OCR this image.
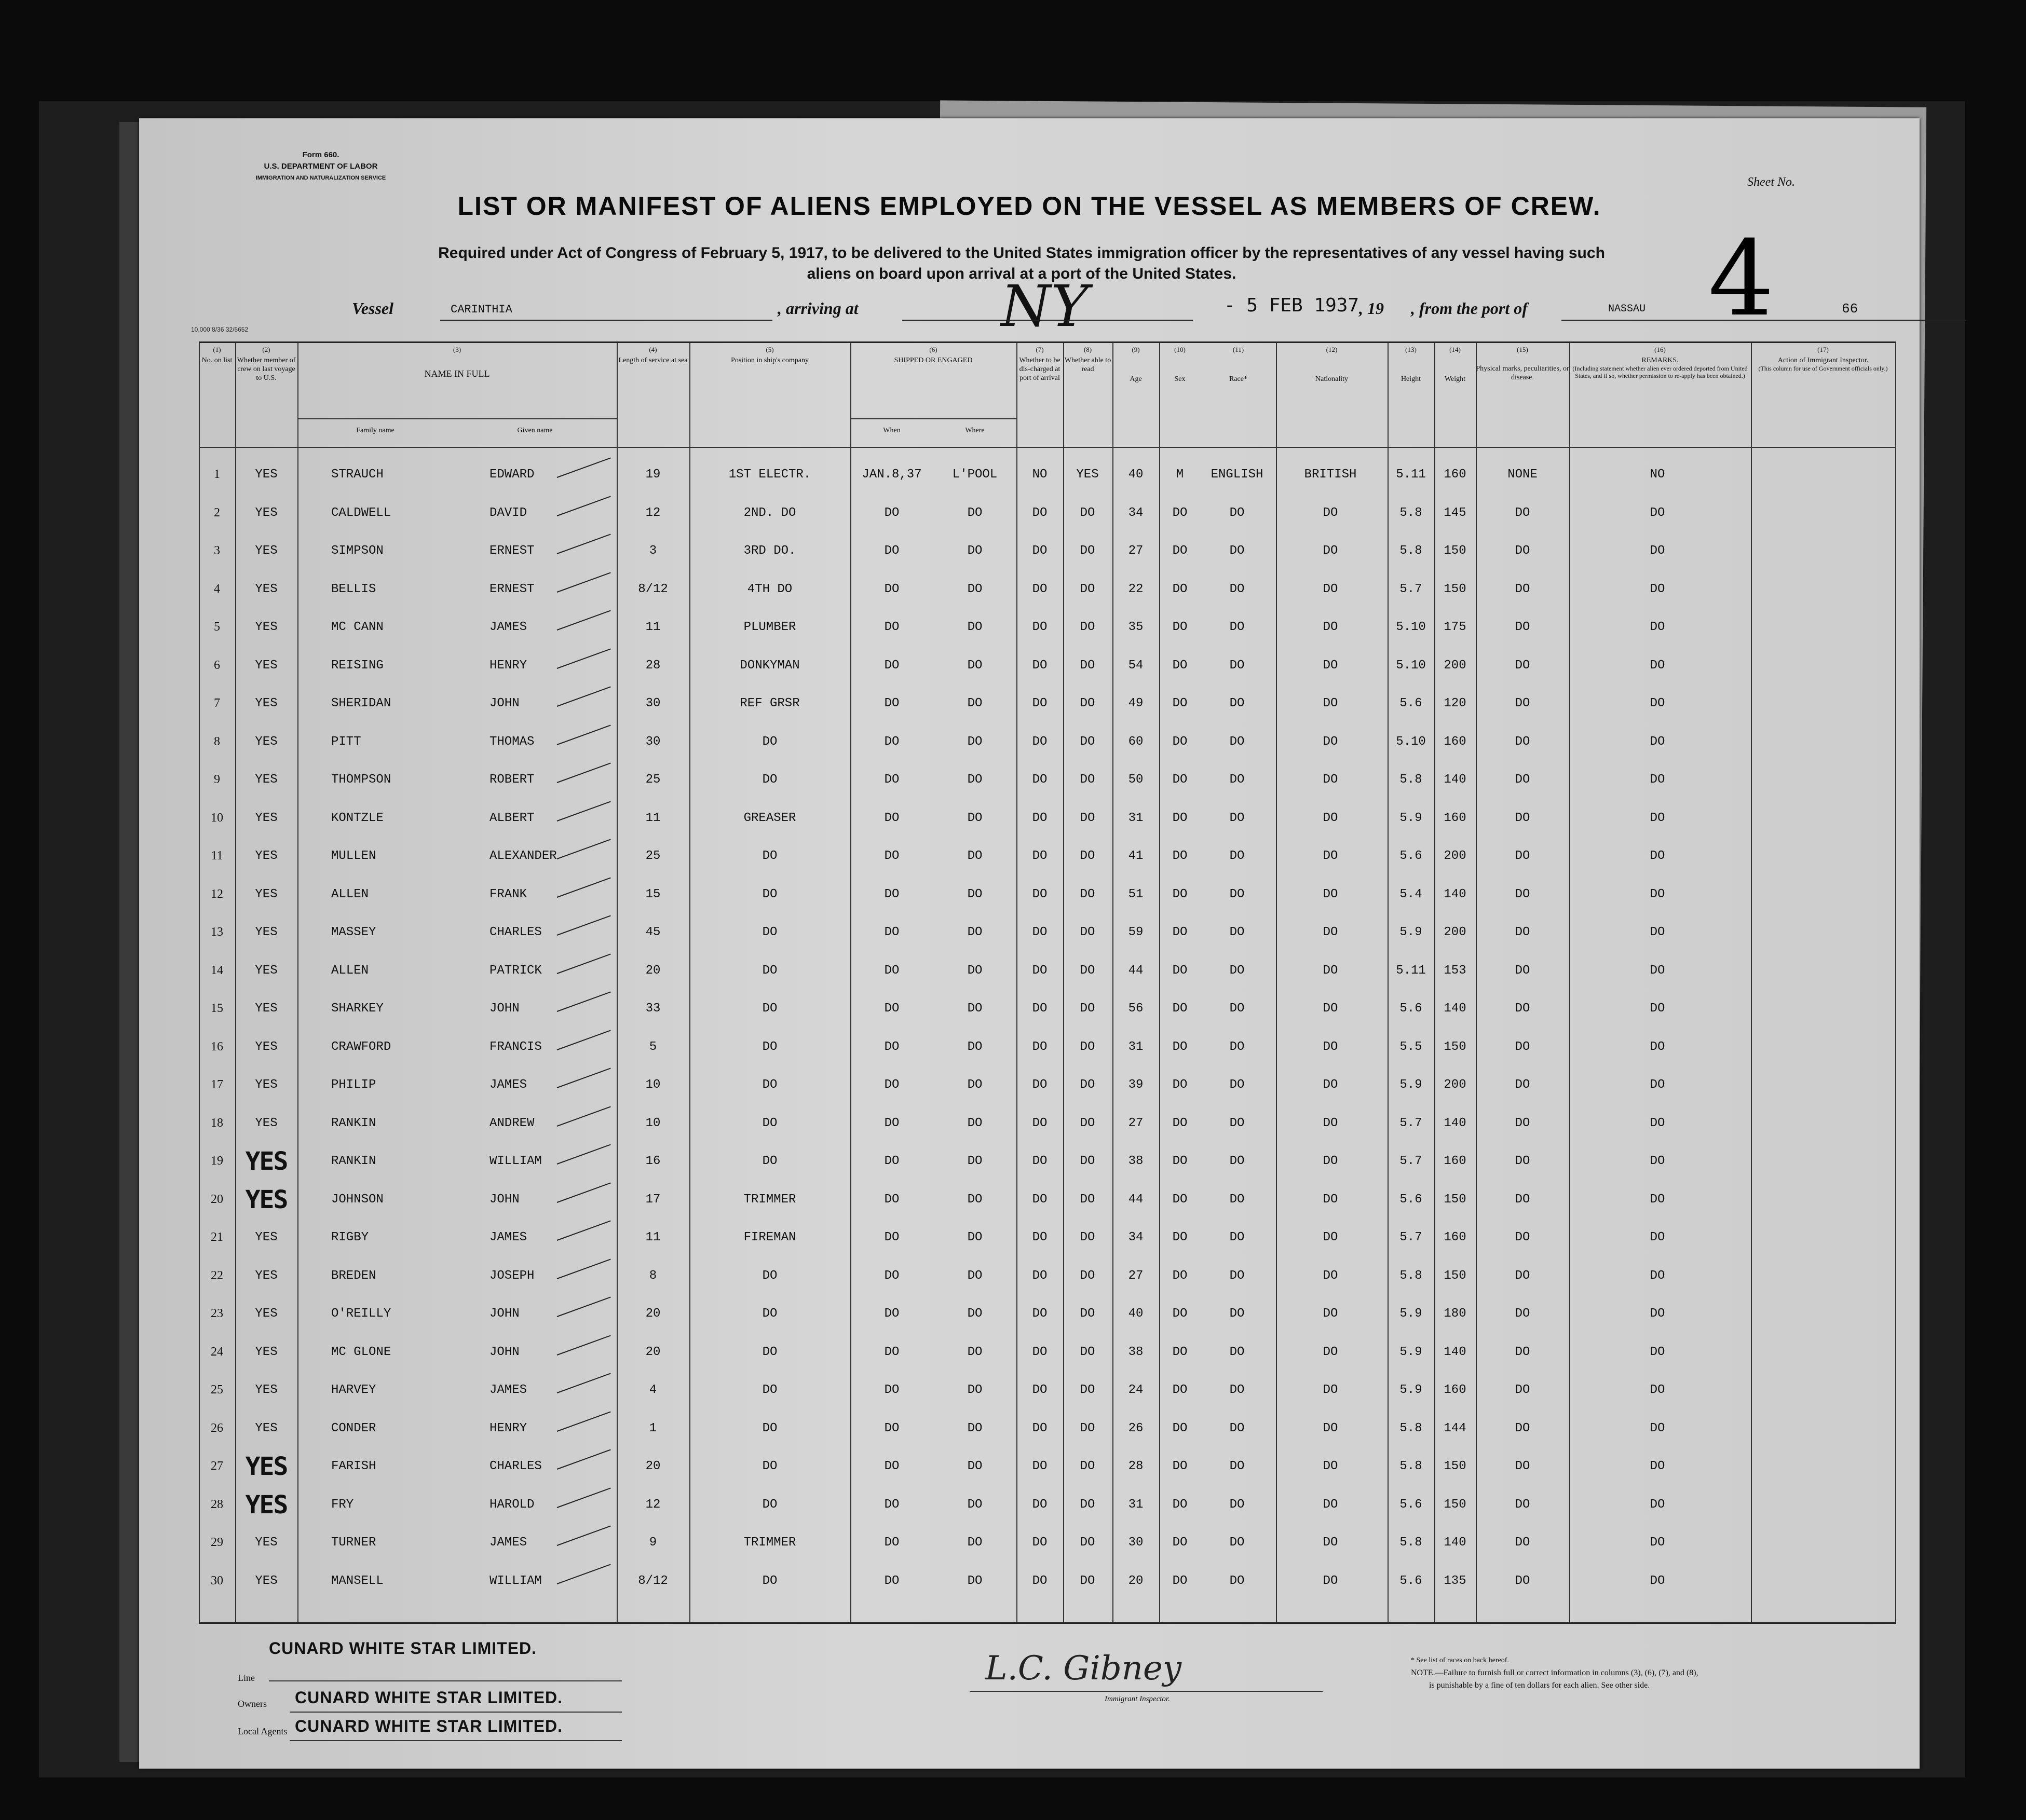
Form 660.
U.S. DEPARTMENT OF LABOR
IMMIGRATION AND NATURALIZATION SERVICE	Sheet No.
4
LIST OR MANIFEST OF ALIENS EMPLOYED ON THE VESSEL AS MEMBERS OF CREW.
Required under Act of Congress of February 5, 1917, to be delivered to the United States immigration officer by the representatives of any vessel having such
aliens on board upon arrival at a port of the United States.
Vessel	CARINTHIA	, arriving at NY	- 5 FEB 1937 , 19 , from the port of	NASSAU	66
10,000 8/36 32/5652
(1)
No. on list
(2)
Whether member of crew on last voyage to U.S.
(3)
NAME IN FULL
Family name	Given name
(4)
Length of service at sea
(5)
Position in ship's company
(6)
SHIPPED OR ENGAGED
When	Where
(7)
Whether to be dis-charged at port of arrival
(8)
Whether able to read
(9)
Age
(10)
Sex
(11)
Race*
(12)
Nationality
(13)
Height
(14)
Weight
(15)
Physical marks, peculiarities, or disease.
(16)
REMARKS.
(Including statement whether alien ever ordered deported from United States, and if so, whether permission to re-apply has been obtained.)
(17)
Action of Immigrant Inspector.
(This column for use of Government officials only.)
1	YES	STRAUCH	EDWARD	19	1ST ELECTR.	JAN.8,37 L'POOL	NO YES 40	M ENGLISH	BRITISH	5.11 160	NONE	NO
2	YES	CALDWELL	DAVID	12	2ND. DO	DO	DO	DO	DO	34 DO	DO	DO	5.8 145	DO	DO
3	YES	SIMPSON	ERNEST	3	3RD DO.	DO	DO	DO	DO	27 DO	DO	DO	5.8 150	DO	DO
4	YES	BELLIS	ERNEST	8/12	4TH DO	DO	DO	DO	DO	22 DO	DO	DO	5.7 150	DO	DO
5	YES	MC CANN	JAMES	11	PLUMBER	DO	DO	DO	DO	35 DO	DO	DO	5.10 175	DO	DO
6	YES	REISING	HENRY	28	DONKYMAN	DO	DO	DO	DO	54 DO	DO	DO	5.10 200	DO	DO
7	YES	SHERIDAN	JOHN	30	REF GRSR	DO	DO	DO	DO	49 DO	DO	DO	5.6 120	DO	DO
8	YES	PITT	THOMAS	30	DO	DO	DO	DO	DO	60 DO	DO	DO	5.10 160	DO	DO
9	YES	THOMPSON	ROBERT	25	DO	DO	DO	DO	DO	50 DO	DO	DO	5.8 140	DO	DO
10	YES	KONTZLE	ALBERT	11	GREASER	DO	DO	DO	DO	31 DO	DO	DO	5.9 160	DO	DO
11	YES	MULLEN	ALEXANDER	25	DO	DO	DO	DO	DO	41 DO	DO	DO	5.6 200	DO	DO
12	YES	ALLEN	FRANK	15	DO	DO	DO	DO	DO	51 DO	DO	DO	5.4 140	DO	DO
13	YES	MASSEY	CHARLES	45	DO	DO	DO	DO	DO	59 DO	DO	DO	5.9 200	DO	DO
14	YES	ALLEN	PATRICK	20	DO	DO	DO	DO	DO	44 DO	DO	DO	5.11 153	DO	DO
15	YES	SHARKEY	JOHN	33	DO	DO	DO	DO	DO	56 DO	DO	DO	5.6 140	DO	DO
16	YES	CRAWFORD	FRANCIS	5	DO	DO	DO	DO	DO	31 DO	DO	DO	5.5 150	DO	DO
17	YES	PHILIP	JAMES	10	DO	DO	DO	DO	DO	39 DO	DO	DO	5.9 200	DO	DO
18	YES	RANKIN	ANDREW	10	DO	DO	DO	DO	DO	27 DO	DO	DO	5.7 140	DO	DO
19 YES	RANKIN	WILLIAM	16	DO	DO	DO	DO	DO	38 DO	DO	DO	5.7 160	DO	DO
20 YES	JOHNSON	JOHN	17	TRIMMER	DO	DO	DO	DO	44 DO	DO	DO	5.6 150	DO	DO
21	YES	RIGBY	JAMES	11	FIREMAN	DO	DO	DO	DO	34 DO	DO	DO	5.7 160	DO	DO
22	YES	BREDEN	JOSEPH	8	DO	DO	DO	DO	DO	27 DO	DO	DO	5.8 150	DO	DO
23	YES	O'REILLY	JOHN	20	DO	DO	DO	DO	DO	40 DO	DO	DO	5.9 180	DO	DO
24	YES	MC GLONE	JOHN	20	DO	DO	DO	DO	DO	38 DO	DO	DO	5.9 140	DO	DO
25	YES	HARVEY	JAMES	4	DO	DO	DO	DO	DO	24 DO	DO	DO	5.9 160	DO	DO
26	YES	CONDER	HENRY	1	DO	DO	DO	DO	DO	26 DO	DO	DO	5.8 144	DO	DO
27 YES	FARISH	CHARLES	20	DO	DO	DO	DO	DO	28 DO	DO	DO	5.8 150	DO	DO
28 YES	FRY	HAROLD	12	DO	DO	DO	DO	DO	31 DO	DO	DO	5.6 150	DO	DO
29	YES	TURNER	JAMES	9	TRIMMER	DO	DO	DO	DO	30 DO	DO	DO	5.8 140	DO	DO
30	YES	MANSELL	WILLIAM	8/12	DO	DO	DO	DO	DO	20 DO	DO	DO	5.6 135	DO	DO
CUNARD WHITE STAR LIMITED.
Line
Owners CUNARD WHITE STAR LIMITED.
Local Agents CUNARD WHITE STAR LIMITED.
L.C. Gibney
Immigrant Inspector.
* See list of races on back hereof.
NOTE.—Failure to furnish full or correct information in columns (3), (6), (7), and (8),
is punishable by a fine of ten dollars for each alien. See other side.
